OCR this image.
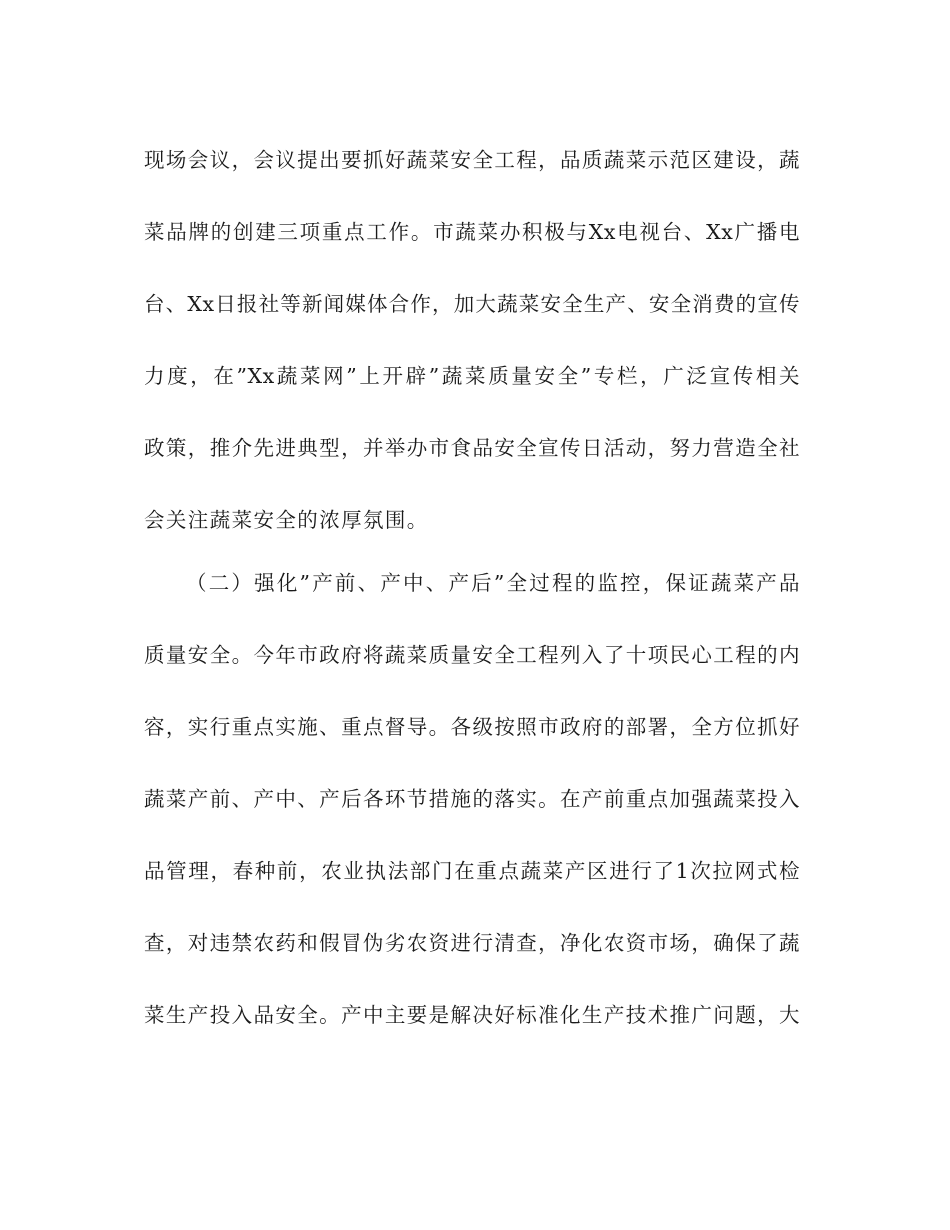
现场会议，会议提出要抓好蔬菜安全工程，品质蔬菜示范区建设，蔬
菜品牌的创建三项重点工作。市蔬菜办积极与Xx电视台、Xx广播电
台、Xx日报社等新闻媒体合作，加大蔬菜安全生产、安全消费的宣传
力度，在”Xx蔬菜网”上开辟”蔬菜质量安全”专栏，广泛宣传相关
政策，推介先进典型，并举办市食品安全宣传日活动，努力营造全社
会关注蔬菜安全的浓厚氛围。
（二）强化”产前、产中、产后”全过程的监控，保证蔬菜产品
质量安全。今年市政府将蔬菜质量安全工程列入了十项民心工程的内
容，实行重点实施、重点督导。各级按照市政府的部署，全方位抓好
蔬菜产前、产中、产后各环节措施的落实。在产前重点加强蔬菜投入
品管理，春种前，农业执法部门在重点蔬菜产区进行了1次拉网式检
查，对违禁农药和假冒伪劣农资进行清查，净化农资市场，确保了蔬
菜生产投入品安全。产中主要是解决好标准化生产技术推广问题，大
